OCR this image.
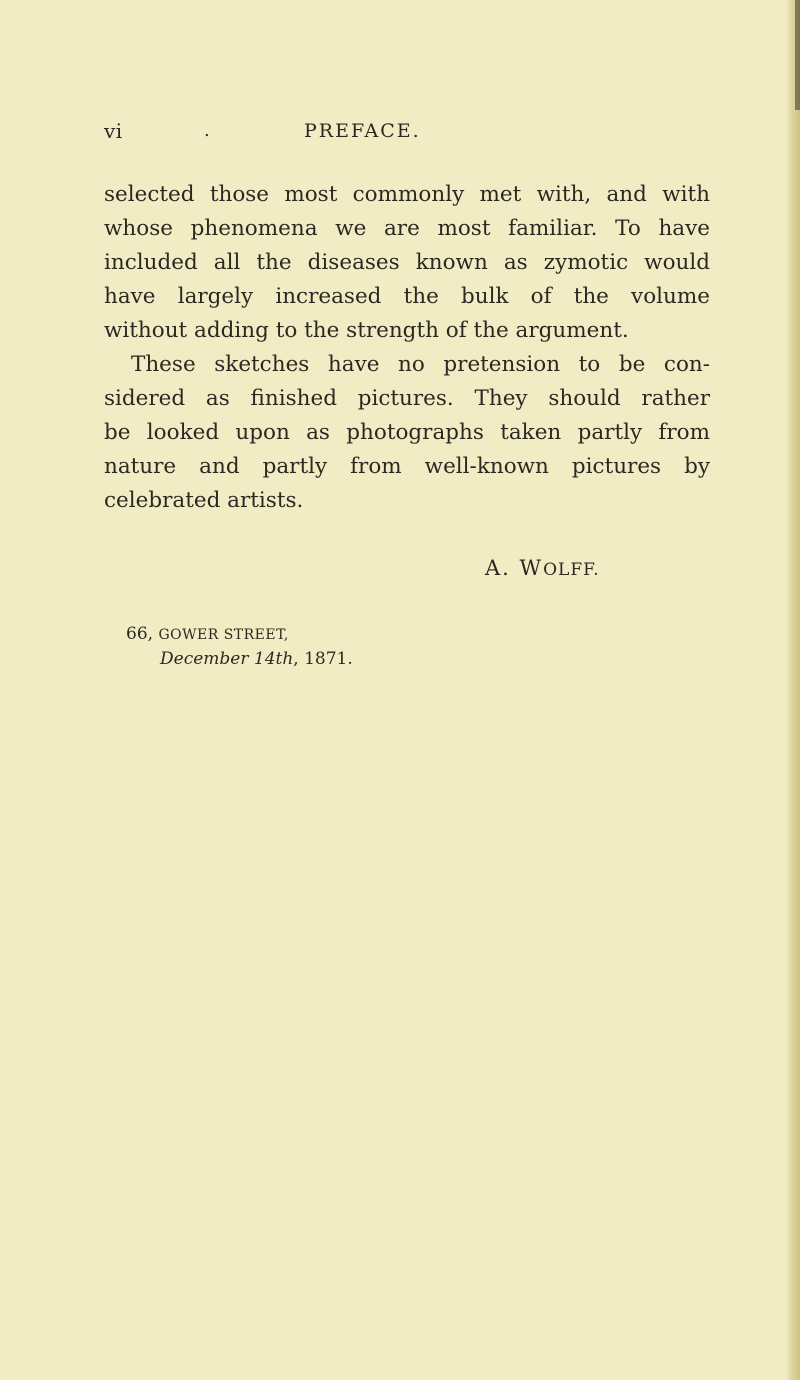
vi	.	PREFACE.
selected those most commonly met with, and with
whose phenomena we are most familiar. To have
included all the diseases known as zymotic would
have largely increased the bulk of the volume
without adding to the strength of the argument.
These sketches have no pretension to be con-
sidered as finished pictures. They should rather
be looked upon as photographs taken partly from
nature and partly from well-known pictures by
celebrated artists.
A. WOLFF.
66, GOWER STREET,
December 14th, 1871.
